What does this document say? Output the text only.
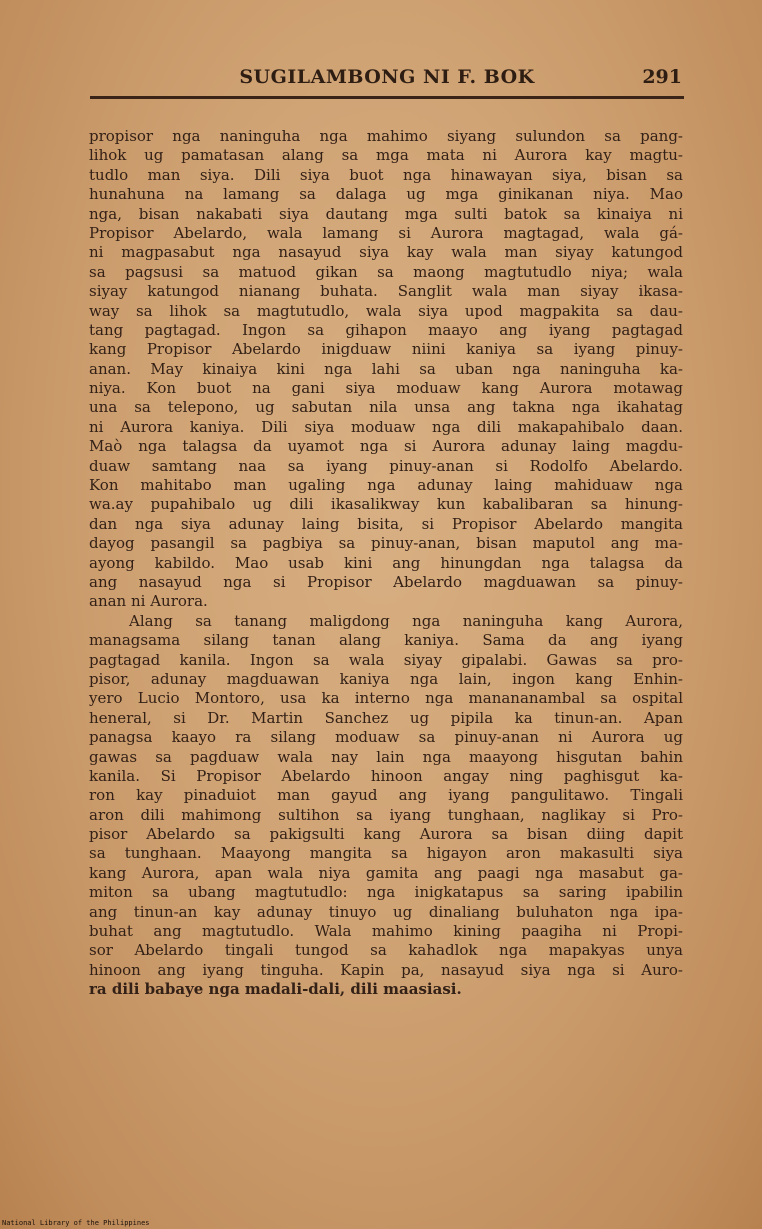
SUGILAMBONG NI F. BOK	291
propisor nga naninguha nga mahimo siyang sulundon sa pang-
lihok ug pamatasan alang sa mga mata ni Aurora kay magtu-
tudlo man siya. Dili siya buot nga hinawayan siya, bisan sa
hunahuna na lamang sa dalaga ug mga ginikanan niya. Mao
nga, bisan nakabati siya dautang mga sulti batok sa kinaiya ni
Propisor Abelardo, wala lamang si Aurora magtagad, wala gá-
ni magpasabut nga nasayud siya kay wala man siyay katungod
sa pagsusi sa matuod gikan sa maong magtutudlo niya; wala
siyay katungod nianang buhata. Sanglit wala man siyay ikasa-
way sa lihok sa magtutudlo, wala siya upod magpakita sa dau-
tang pagtagad. Ingon sa gihapon maayo ang iyang pagtagad
kang Propisor Abelardo inigduaw niini kaniya sa iyang pinuy-
anan. May kinaiya kini nga lahi sa uban nga naninguha ka-
niya. Kon buot na gani siya moduaw kang Aurora motawag
una sa telepono, ug sabutan nila unsa ang takna nga ikahatag
ni Aurora kaniya. Dili siya moduaw nga dili makapahibalo daan.
Maò nga talagsa da uyamot nga si Aurora adunay laing magdu-
duaw samtang naa sa iyang pinuy-anan si Rodolfo Abelardo.
Kon mahitabo man ugaling nga adunay laing mahiduaw nga
wa.ay pupahibalo ug dili ikasalikway kun kabalibaran sa hinung-
dan nga siya adunay laing bisita, si Propisor Abelardo mangita
dayog pasangil sa pagbiya sa pinuy-anan, bisan maputol ang ma-
ayong kabildo. Mao usab kini ang hinungdan nga talagsa da
ang nasayud nga si Propisor Abelardo magduawan sa pinuy-
anan ni Aurora.
Alang sa tanang maligdong nga naninguha kang Aurora,
managsama silang tanan alang kaniya. Sama da ang iyang
pagtagad kanila. Ingon sa wala siyay gipalabi. Gawas sa pro-
pisor, adunay magduawan kaniya nga lain, ingon kang Enhin-
yero Lucio Montoro, usa ka interno nga manananambal sa ospital
heneral, si Dr. Martin Sanchez ug pipila ka tinun-an. Apan
panagsa kaayo ra silang moduaw sa pinuy-anan ni Aurora ug
gawas sa pagduaw wala nay lain nga maayong hisgutan bahin
kanila. Si Propisor Abelardo hinoon angay ning paghisgut ka-
ron kay pinaduiot man gayud ang iyang pangulitawo. Tingali
aron dili mahimong sultihon sa iyang tunghaan, naglikay si Pro-
pisor Abelardo sa pakigsulti kang Aurora sa bisan diing dapit
sa tunghaan. Maayong mangita sa higayon aron makasulti siya
kang Aurora, apan wala niya gamita ang paagi nga masabut ga-
miton sa ubang magtutudlo: nga inigkatapus sa saring ipabilin
ang tinun-an kay adunay tinuyo ug dinaliang buluhaton nga ipa-
buhat ang magtutudlo. Wala mahimo kining paagiha ni Propi-
sor Abelardo tingali tungod sa kahadlok nga mapakyas unya
hinoon ang iyang tinguha. Kapin pa, nasayud siya nga si Auro-
ra dili babaye nga madali-dali, dili maasiasi.
National Library of the Philippines
